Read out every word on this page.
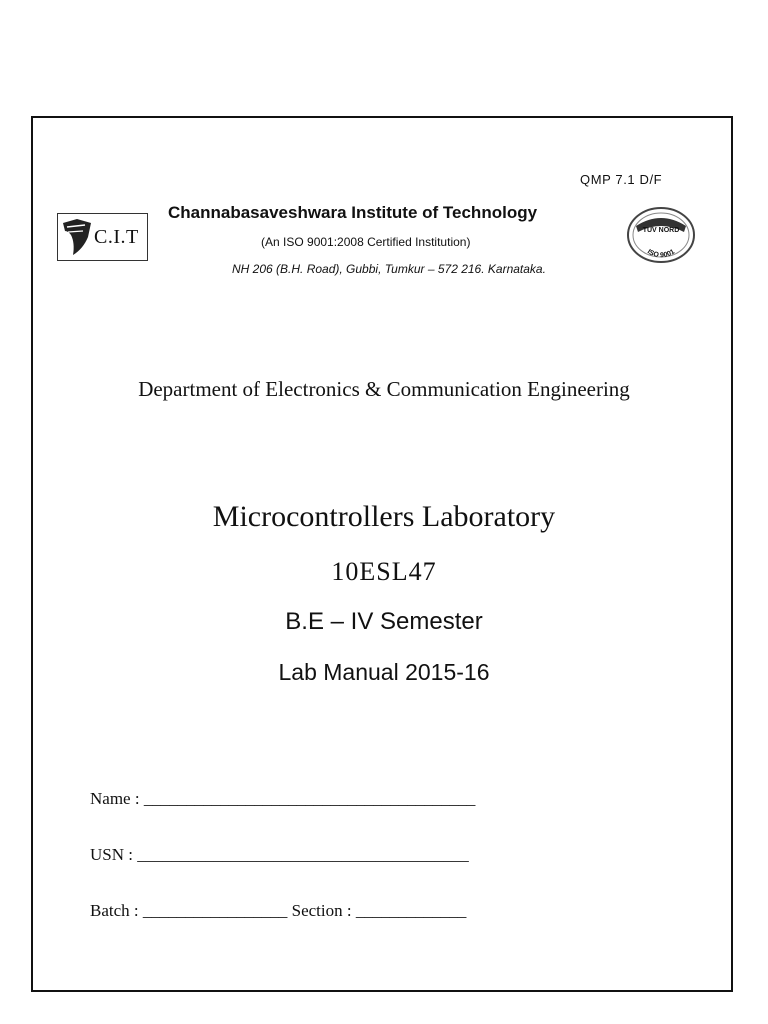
QMP 7.1 D/F
C.I.T
Channabasaveshwara Institute of Technology
(An ISO 9001:2008 Certified Institution)
NH 206 (B.H. Road), Gubbi, Tumkur – 572 216. Karnataka.
TUV NORD
ISO 9001
Department of Electronics & Communication Engineering
Microcontrollers Laboratory
10ESL47
B.E – IV Semester
Lab Manual 2015-16
Name : _______________________________________
USN : _______________________________________
Batch : _________________ Section : _____________
